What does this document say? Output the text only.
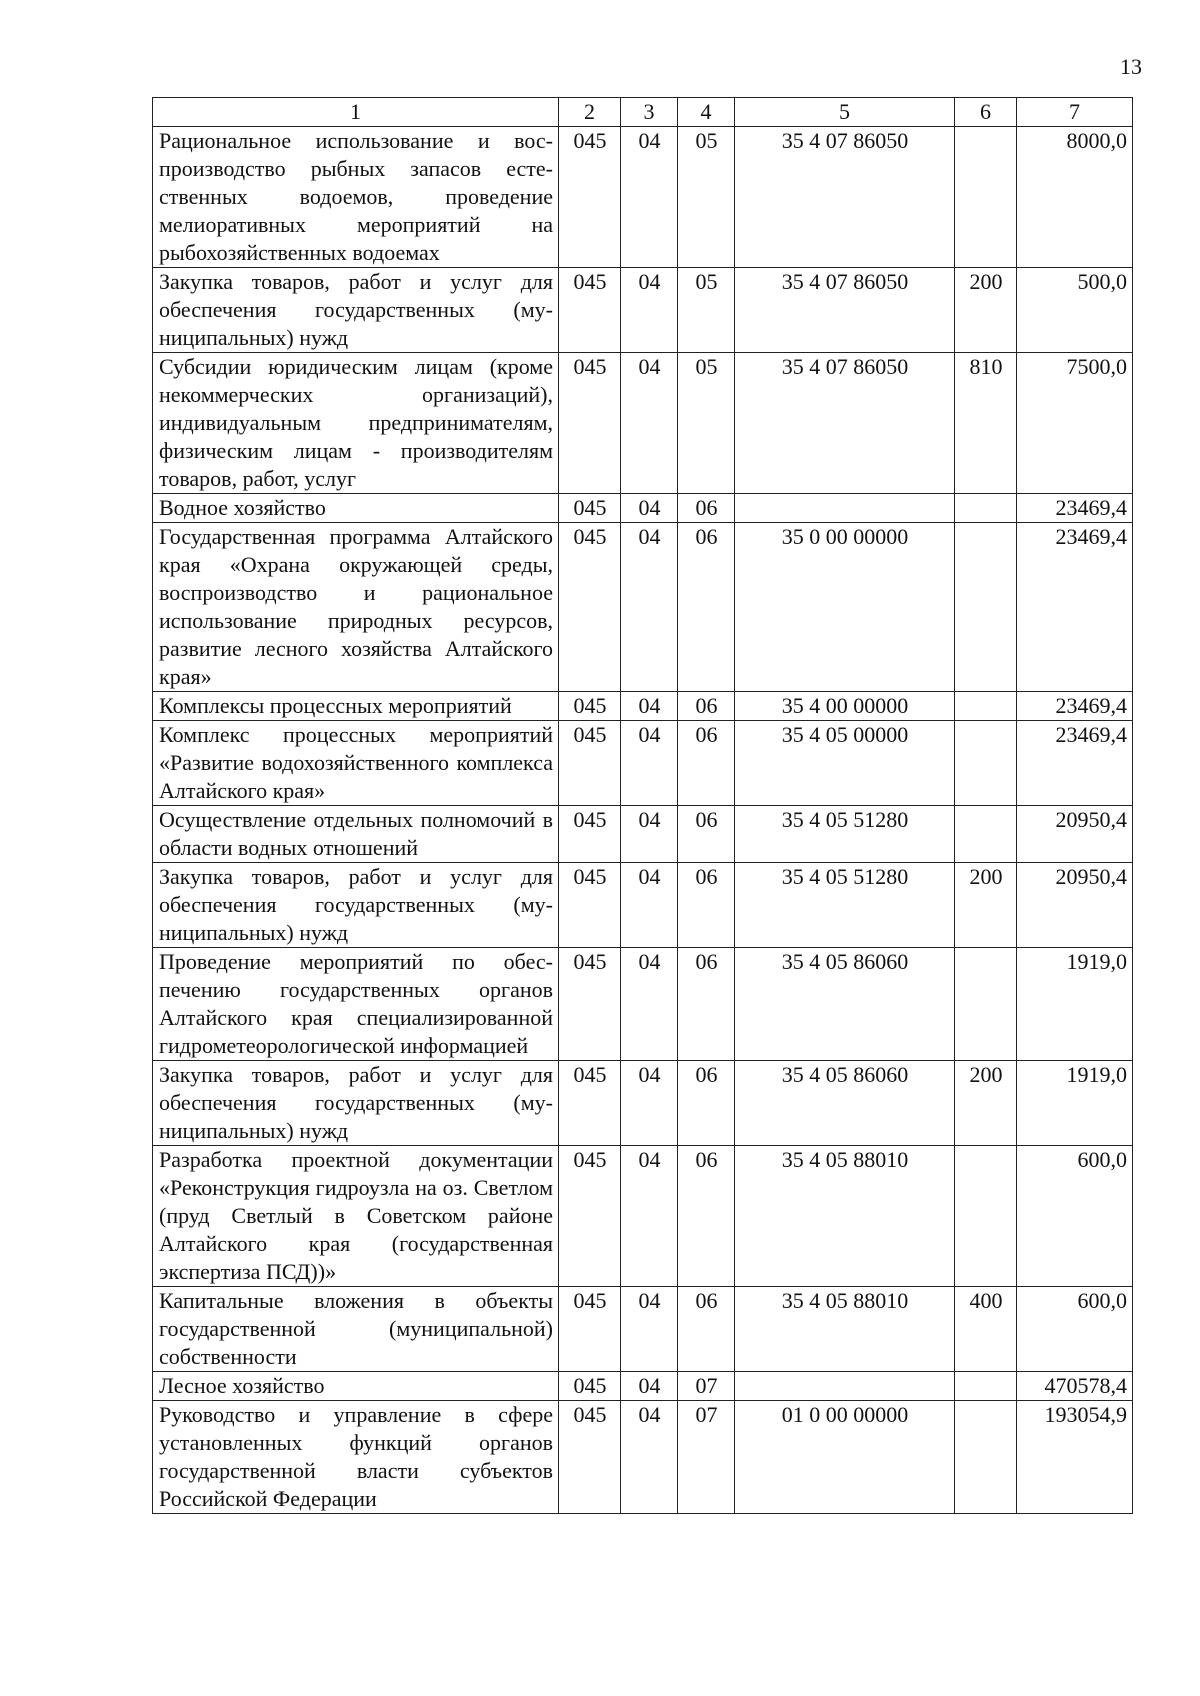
13
1	2	3	4	5	6	7
Рациональное использование и воспроизводство рыбных запасов естественных водоемов, проведение мелиоративных мероприятий на рыбохозяйственных водоемах	045	04	05	35 4 07 86050		8000,0
Закупка товаров, работ и услуг для обеспечения государственных (муниципальных) нужд	045	04	05	35 4 07 86050	200	500,0
Субсидии юридическим лицам (кроме некоммерческих организаций), индивидуальным предпринимателям, физическим лицам - производителям товаров, работ, услуг	045	04	05	35 4 07 86050	810	7500,0
Водное хозяйство	045	04	06			23469,4
Государственная программа Алтайского края «Охрана окружающей среды, воспроизводство и рациональное использование природных ресурсов, развитие лесного хозяйства Алтайского края»	045	04	06	35 0 00 00000		23469,4
Комплексы процессных мероприятий	045	04	06	35 4 00 00000		23469,4
Комплекс процессных мероприятий «Развитие водохозяйственного комплекса Алтайского края»	045	04	06	35 4 05 00000		23469,4
Осуществление отдельных полномочий в области водных отношений	045	04	06	35 4 05 51280		20950,4
Закупка товаров, работ и услуг для обеспечения государственных (муниципальных) нужд	045	04	06	35 4 05 51280	200	20950,4
Проведение мероприятий по обеспечению государственных органов Алтайского края специализированной гидрометеорологической информацией	045	04	06	35 4 05 86060		1919,0
Закупка товаров, работ и услуг для обеспечения государственных (муниципальных) нужд	045	04	06	35 4 05 86060	200	1919,0
Разработка проектной документации «Реконструкция гидроузла на оз. Светлом (пруд Светлый в Советском районе Алтайского края (государственная экспертиза ПСД))»	045	04	06	35 4 05 88010		600,0
Капитальные вложения в объекты государственной (муниципальной) собственности	045	04	06	35 4 05 88010	400	600,0
Лесное хозяйство	045	04	07			470578,4
Руководство и управление в сфере установленных функций органов государственной власти субъектов Российской Федерации	045	04	07	01 0 00 00000		193054,9
